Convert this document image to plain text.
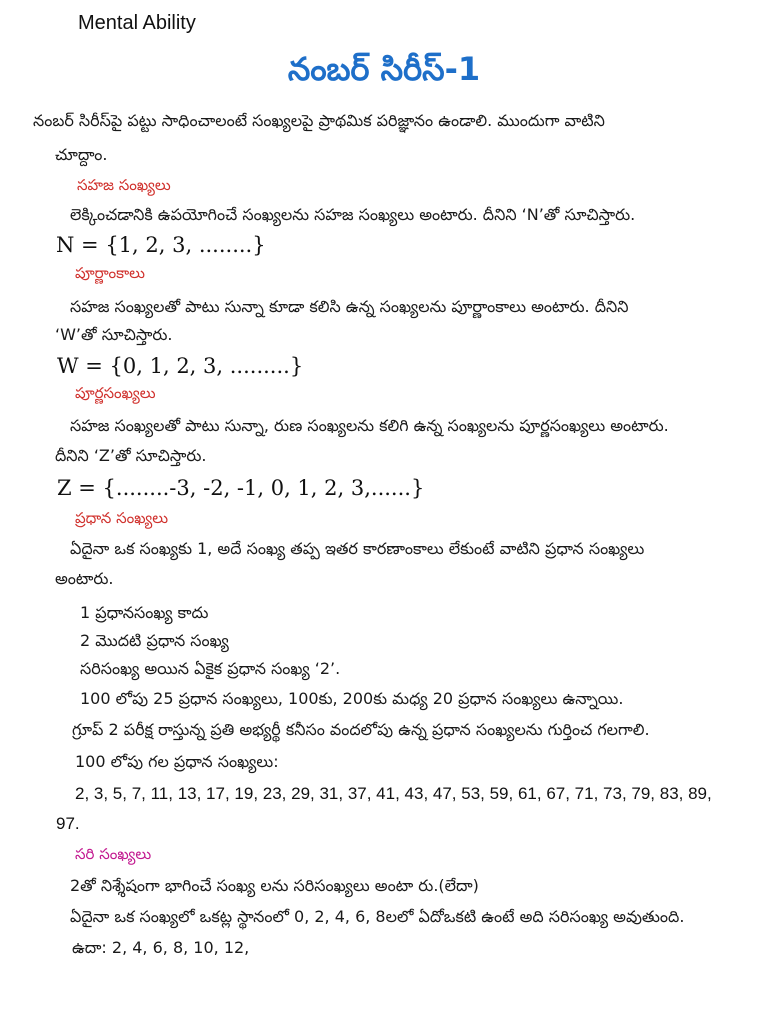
Mental Ability
నంబర్ సిరీస్-1
నంబర్ సిరీస్‌పై పట్టు సాధించాలంటే సంఖ్యలపై ప్రాథమిక పరిజ్ఞానం ఉండాలి. ముందుగా వాటిని
చూద్దాం.
సహజ సంఖ్యలు
లెక్కించడానికి ఉపయోగించే సంఖ్యలను సహజ సంఖ్యలు అంటారు. దీనిని ‘N’తో సూచిస్తారు.
N = {1, 2, 3, ........}
పూర్ణాంకాలు
సహజ సంఖ్యలతో పాటు సున్నా కూడా కలిసి ఉన్న సంఖ్యలను పూర్ణాంకాలు అంటారు. దీనిని
‘W’తో సూచిస్తారు.
W = {0, 1, 2, 3, .........}
పూర్ణసంఖ్యలు
సహజ సంఖ్యలతో పాటు సున్నా, రుణ సంఖ్యలను కలిగి ఉన్న సంఖ్యలను పూర్ణసంఖ్యలు అంటారు.
దీనిని ‘Z’తో సూచిస్తారు.
Z = {........-3, -2, -1, 0, 1, 2, 3,......}
ప్రధాన సంఖ్యలు
ఏదైనా ఒక సంఖ్యకు 1, అదే సంఖ్య తప్ప ఇతర కారణాంకాలు లేకుంటే వాటిని ప్రధాన సంఖ్యలు
అంటారు.
1 ప్రధానసంఖ్య కాదు
2 మొదటి ప్రధాన సంఖ్య
సరిసంఖ్య అయిన ఏకైక ప్రధాన సంఖ్య ‘2’.
100 లోపు 25 ప్రధాన సంఖ్యలు, 100కు, 200కు మధ్య 20 ప్రధాన సంఖ్యలు ఉన్నాయి.
గ్రూప్ 2 పరీక్ష రాస్తున్న ప్రతి అభ్యర్థీ కనీసం వందలోపు ఉన్న ప్రధాన సంఖ్యలను గుర్తించ గలగాలి.
100 లోపు గల ప్రధాన సంఖ్యలు:
2, 3, 5, 7, 11, 13, 17, 19, 23, 29, 31, 37, 41, 43, 47, 53, 59, 61, 67, 71, 73, 79, 83, 89,
97.
సరి సంఖ్యలు
2తో నిశ్శేషంగా భాగించే సంఖ్య లను సరిసంఖ్యలు అంటా రు.(లేదా)
ఏదైనా ఒక సంఖ్యలో ఒకట్ల స్థానంలో 0, 2, 4, 6, 8లలో ఏదోఒకటి ఉంటే అది సరిసంఖ్య అవుతుంది.
ఉదా: 2, 4, 6, 8, 10, 12,
